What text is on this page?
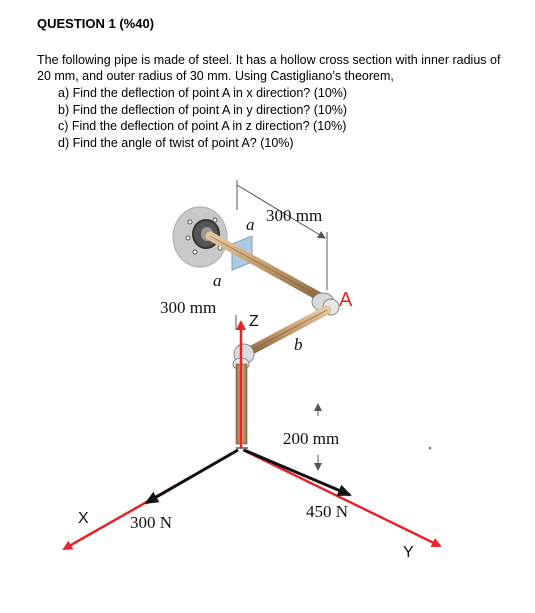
QUESTION 1 (%40)
The following pipe is made of steel. It has a hollow cross section with inner radius of 20 mm, and outer radius of 30 mm. Using Castigliano’s theorem,
a) Find the deflection of point A in x direction? (10%)
b) Find the deflection of point A in y direction? (10%)
c) Find the deflection of point A in z direction? (10%)
d) Find the angle of twist of point A? (10%)
300 mm
a
a
300 mm
Z
A
b
200 mm
X 300 N
450 N
Y
